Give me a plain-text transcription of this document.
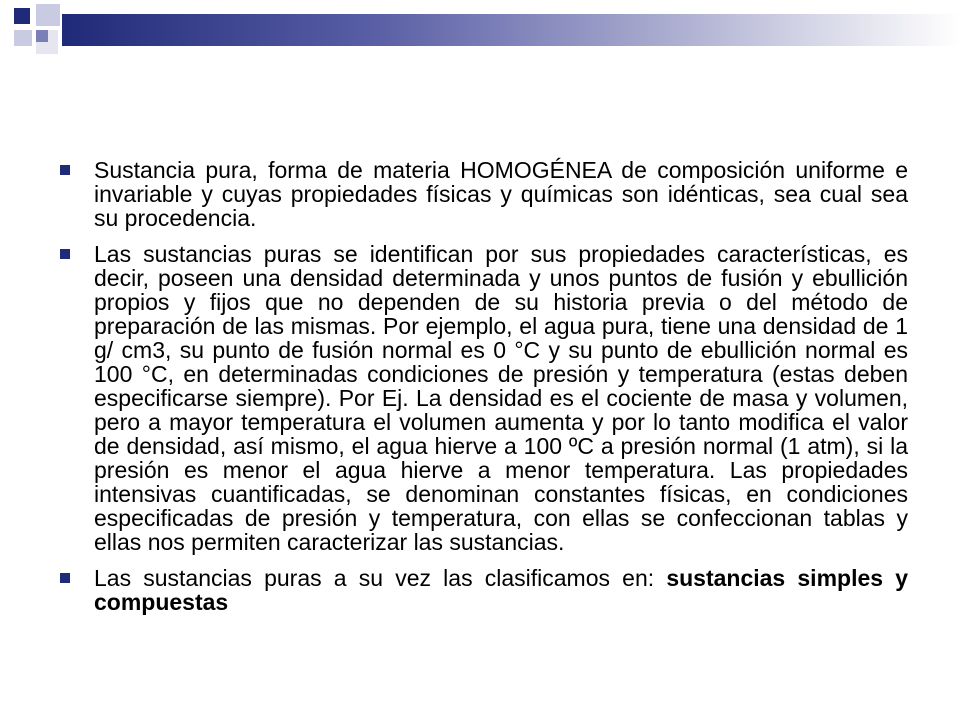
Sustancia pura, forma de materia HOMOGÉNEA de composición uniforme e invariable y cuyas propiedades físicas y químicas son idénticas, sea cual sea su procedencia.
Las sustancias puras se identifican por sus propiedades características, es decir, poseen una densidad determinada y unos puntos de fusión y ebullición propios y fijos que no dependen de su historia previa o del método de preparación de las mismas. Por ejemplo, el agua pura, tiene una densidad de 1 g/ cm3, su punto de fusión normal es 0 °C y su punto de ebullición normal es 100 °C, en determinadas condiciones de presión y temperatura (estas deben especificarse siempre). Por Ej. La densidad es el cociente de masa y volumen, pero a mayor temperatura el volumen aumenta y por lo tanto modifica el valor de densidad, así mismo, el agua hierve a 100 ºC a presión normal (1 atm), si la presión es menor el agua hierve a menor temperatura. Las propiedades intensivas cuantificadas, se denominan constantes físicas, en condiciones especificadas de presión y temperatura, con ellas se confeccionan tablas y ellas nos permiten caracterizar las sustancias.
Las sustancias puras a su vez las clasificamos en: sustancias simples y compuestas
